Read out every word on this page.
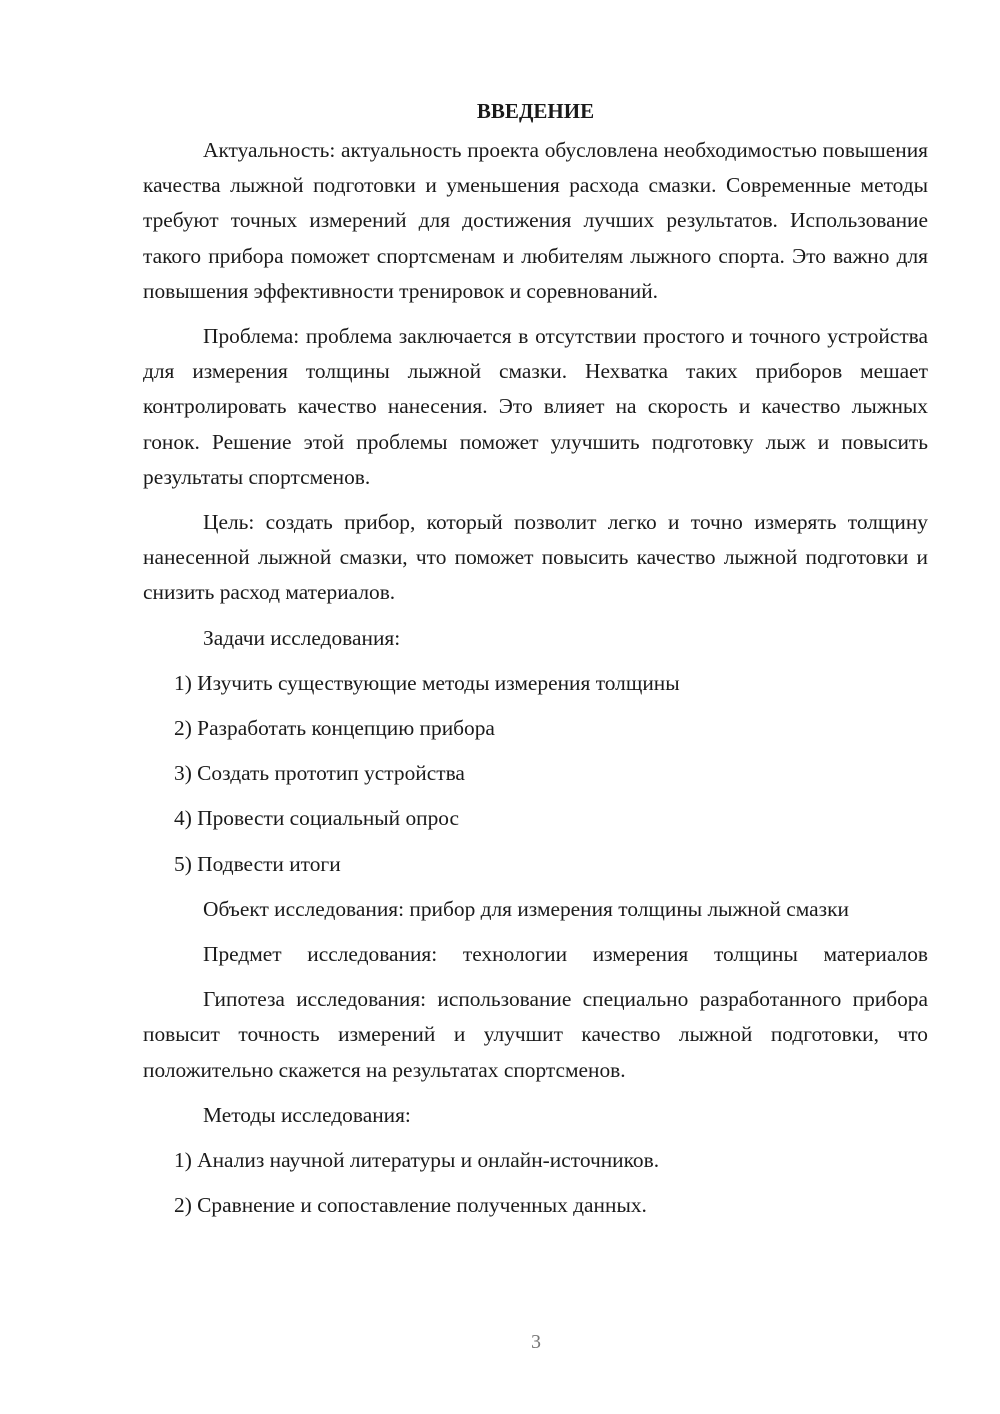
ВВЕДЕНИЕ

Актуальность: актуальность проекта обусловлена необходимостью повышения качества лыжной подготовки и уменьшения расхода смазки. Современные методы требуют точных измерений для достижения лучших результатов. Использование такого прибора поможет спортсменам и любителям лыжного спорта. Это важно для повышения эффективности тренировок и соревнований.

Проблема: проблема заключается в отсутствии простого и точного устройства для измерения толщины лыжной смазки. Нехватка таких приборов мешает контролировать качество нанесения. Это влияет на скорость и качество лыжных гонок. Решение этой проблемы поможет улучшить подготовку лыж и повысить результаты спортсменов.

Цель: создать прибор, который позволит легко и точно измерять толщину нанесенной лыжной смазки, что поможет повысить качество лыжной подготовки и снизить расход материалов.

Задачи исследования:

1) Изучить существующие методы измерения толщины

2) Разработать концепцию прибора

3) Создать прототип устройства

4) Провести социальный опрос

5) Подвести итоги

Объект исследования: прибор для измерения толщины лыжной смазки

Предмет исследования: технологии измерения толщины материалов

Гипотеза исследования: использование специально разработанного прибора повысит точность измерений и улучшит качество лыжной подготовки, что положительно скажется на результатах спортсменов.

Методы исследования:

1) Анализ научной литературы и онлайн-источников.

2) Сравнение и сопоставление полученных данных.

3
